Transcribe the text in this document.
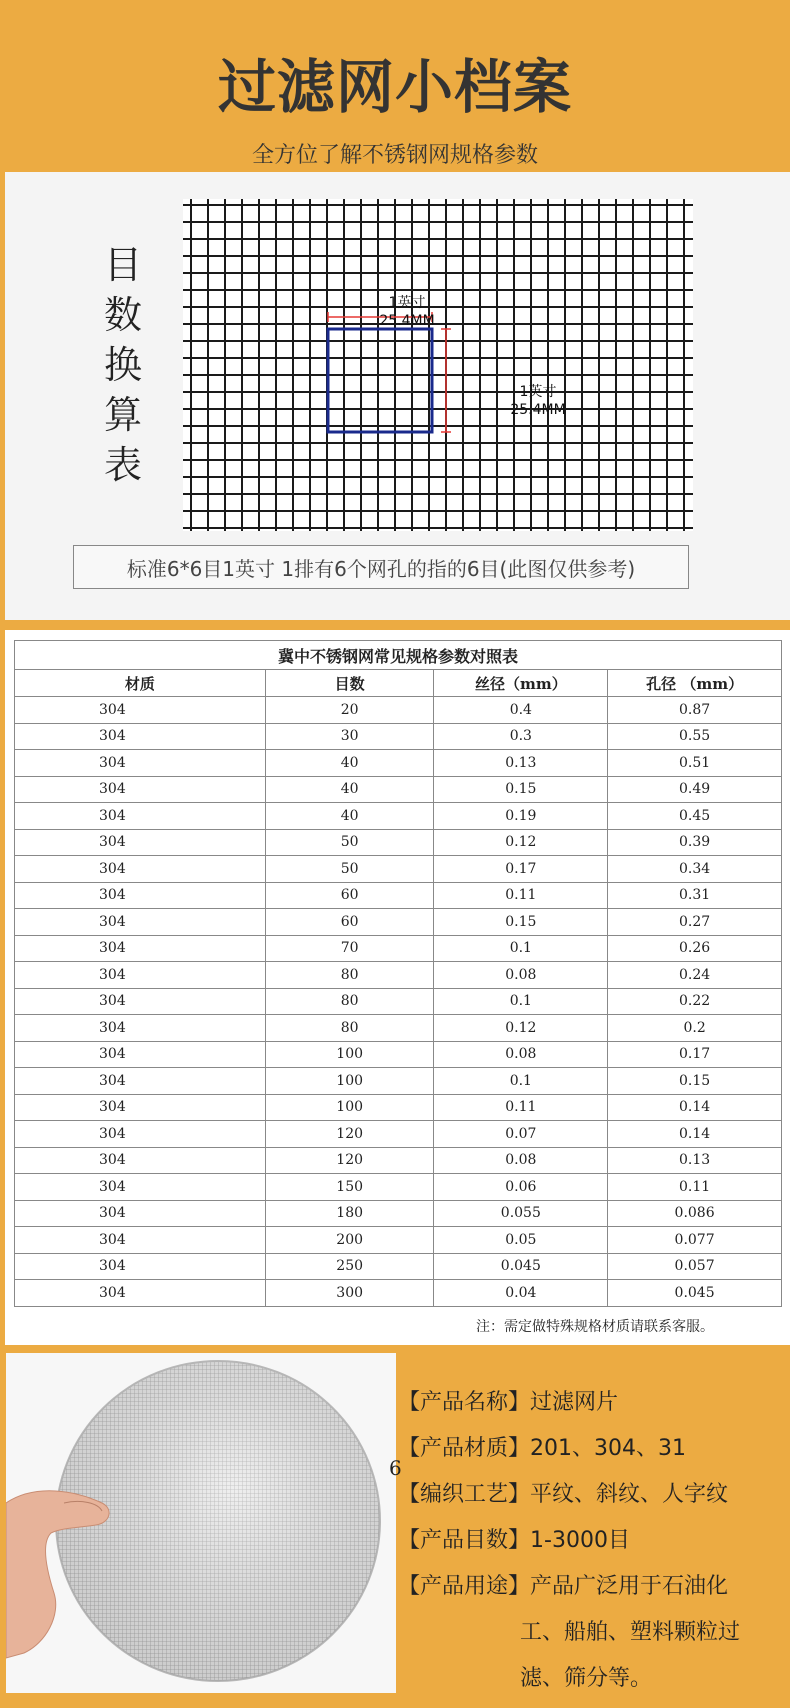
过滤网小档案
全方位了解不锈钢网规格参数
目
数
换
算
表
1英寸
25.4MM
1英寸
25.4MM
标准6*6目1英寸 1排有6个网孔的指的6目(此图仅供参考)
冀中不锈钢网常见规格参数对照表			
材质	目数	丝径（mm）	孔径 （mm）
304	20	0.4	0.87
304	30	0.3	0.55
304	40	0.13	0.51
304	40	0.15	0.49
304	40	0.19	0.45
304	50	0.12	0.39
304	50	0.17	0.34
304	60	0.11	0.31
304	60	0.15	0.27
304	70	0.1	0.26
304	80	0.08	0.24
304	80	0.1	0.22
304	80	0.12	0.2
304	100	0.08	0.17
304	100	0.1	0.15
304	100	0.11	0.14
304	120	0.07	0.14
304	120	0.08	0.13
304	150	0.06	0.11
304	180	0.055	0.086
304	200	0.05	0.077
304	250	0.045	0.057
304	300	0.04	0.045
注：需定做特殊规格材质请联系客服。
6
【产品名称】过滤网片
【产品材质】201、304、31
【编织工艺】平纹、斜纹、人字纹
【产品目数】1-3000目
【产品用途】产品广泛用于石油化
工、船舶、塑料颗粒过
滤、筛分等。
